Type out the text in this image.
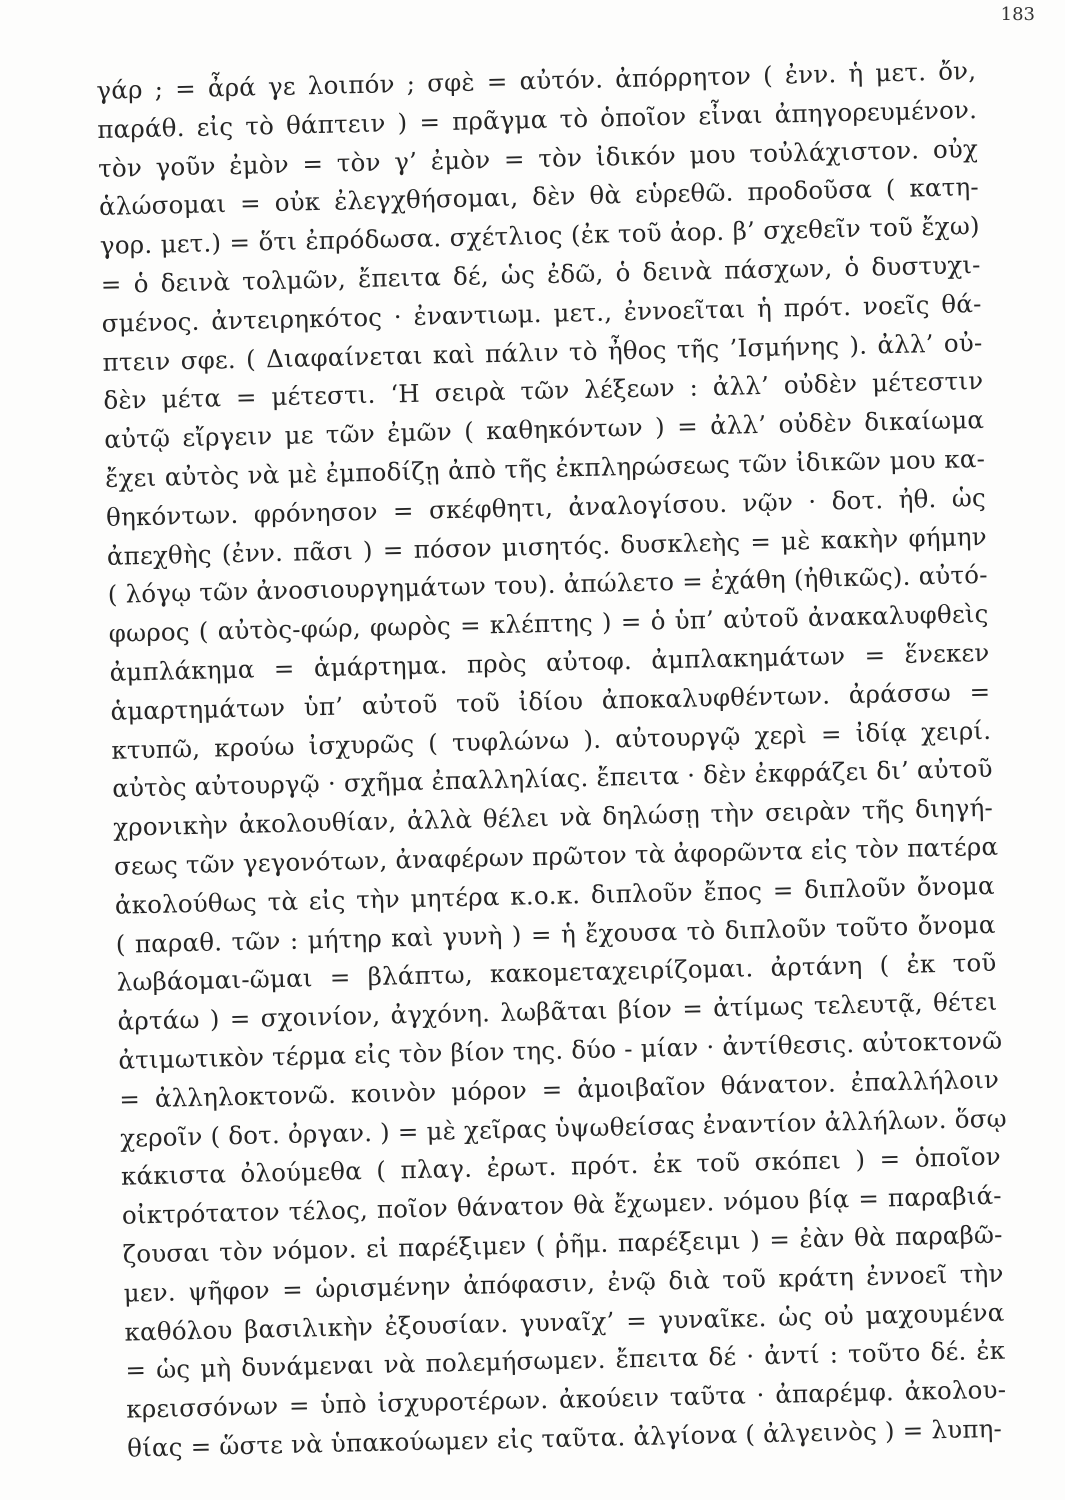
183
γάρ ; = ἆρά γε λοιπόν ; σφὲ = αὐτόν. ἀπόρρητον ( ἐνν. ἡ μετ. ὄν,
παράθ. εἰς τὸ θάπτειν ) = πρᾶγμα τὸ ὁποῖον εἶναι ἀπηγορευμένον.
τὸν γοῦν ἐμὸν = τὸν γ’ ἐμὸν = τὸν ἰδικόν μου τοὐλάχιστον. οὐχ
ἁλώσομαι = οὐκ ἐλεγχθήσομαι, δὲν θὰ εὑρεθῶ. προδοῦσα ( κατη-
γορ. μετ.) = ὅτι ἐπρόδωσα. σχέτλιος (ἐκ τοῦ ἀορ. β’ σχεθεῖν τοῦ ἔχω)
= ὁ δεινὰ τολμῶν, ἔπειτα δέ, ὡς ἐδῶ, ὁ δεινὰ πάσχων, ὁ δυστυχι-
σμένος. ἀντειρηκότος · ἐναντιωμ. μετ., ἐννοεῖται ἡ πρότ. νοεῖς θά-
πτειν σφε. ( Διαφαίνεται καὶ πάλιν τὸ ἦθος τῆς ’Ισμήνης ). ἀλλ’ οὐ-
δὲν μέτα = μέτεστι. ‘Η σειρὰ τῶν λέξεων : ἀλλ’ οὐδὲν μέτεστιν
αὐτῷ εἴργειν με τῶν ἐμῶν ( καθηκόντων ) = ἀλλ’ οὐδὲν δικαίωμα
ἔχει αὐτὸς νὰ μὲ ἐμποδίζῃ ἀπὸ τῆς ἐκπληρώσεως τῶν ἰδικῶν μου κα-
θηκόντων. φρόνησον = σκέφθητι, ἀναλογίσου. νῷν · δοτ. ἠθ. ὡς
ἀπεχθὴς (ἐνν. πᾶσι ) = πόσον μισητός. δυσκλεὴς = μὲ κακὴν φήμην
( λόγῳ τῶν ἀνοσιουργημάτων του). ἀπώλετο = ἐχάθη (ἠθικῶς). αὐτό-
φωρος ( αὐτὸς-φώρ, φωρὸς = κλέπτης ) = ὁ ὑπ’ αὐτοῦ ἀνακαλυφθεὶς
ἀμπλάκημα = ἁμάρτημα. πρὸς αὐτοφ. ἀμπλακημάτων = ἕνεκεν
ἁμαρτημάτων ὑπ’ αὐτοῦ τοῦ ἰδίου ἀποκαλυφθέντων. ἀράσσω =
κτυπῶ, κρούω ἰσχυρῶς ( τυφλώνω ). αὐτουργῷ χερὶ = ἰδίᾳ χειρί.
αὐτὸς αὐτουργῷ · σχῆμα ἐπαλληλίας. ἔπειτα · δὲν ἐκφράζει δι’ αὐτοῦ
χρονικὴν ἀκολουθίαν, ἀλλὰ θέλει νὰ δηλώσῃ τὴν σειρὰν τῆς διηγή-
σεως τῶν γεγονότων, ἀναφέρων πρῶτον τὰ ἀφορῶντα εἰς τὸν πατέρα
ἀκολούθως τὰ εἰς τὴν μητέρα κ.ο.κ. διπλοῦν ἔπος = διπλοῦν ὄνομα
( παραθ. τῶν : μήτηρ καὶ γυνὴ ) = ἡ ἔχουσα τὸ διπλοῦν τοῦτο ὄνομα
λωβάομαι-ῶμαι = βλάπτω, κακομεταχειρίζομαι. ἀρτάνη ( ἐκ τοῦ
ἀρτάω ) = σχοινίον, ἀγχόνη. λωβᾶται βίον = ἀτίμως τελευτᾷ, θέτει
ἀτιμωτικὸν τέρμα εἰς τὸν βίον της. δύο - μίαν · ἀντίθεσις. αὐτοκτονῶ
= ἀλληλοκτονῶ. κοινὸν μόρον = ἀμοιβαῖον θάνατον. ἐπαλλήλοιν
χεροῖν ( δοτ. ὀργαν. ) = μὲ χεῖρας ὑψωθείσας ἐναντίον ἀλλήλων. ὅσῳ
κάκιστα ὀλούμεθα ( πλαγ. ἐρωτ. πρότ. ἐκ τοῦ σκόπει ) = ὁποῖον
οἰκτρότατον τέλος, ποῖον θάνατον θὰ ἔχωμεν. νόμου βίᾳ = παραβιά-
ζουσαι τὸν νόμον. εἰ παρέξιμεν ( ῥῆμ. παρέξειμι ) = ἐὰν θὰ παραβῶ-
μεν. ψῆφον = ὡρισμένην ἀπόφασιν, ἐνῷ διὰ τοῦ κράτη ἐννοεῖ τὴν
καθόλου βασιλικὴν ἐξουσίαν. γυναῖχ’ = γυναῖκε. ὡς οὐ μαχουμένα
= ὡς μὴ δυνάμεναι νὰ πολεμήσωμεν. ἔπειτα δέ · ἀντί : τοῦτο δέ. ἐκ
κρεισσόνων = ὑπὸ ἰσχυροτέρων. ἀκούειν ταῦτα · ἀπαρέμφ. ἀκολου-
θίας = ὥστε νὰ ὑπακούωμεν εἰς ταῦτα. ἀλγίονα ( ἀλγεινὸς ) = λυπη-
